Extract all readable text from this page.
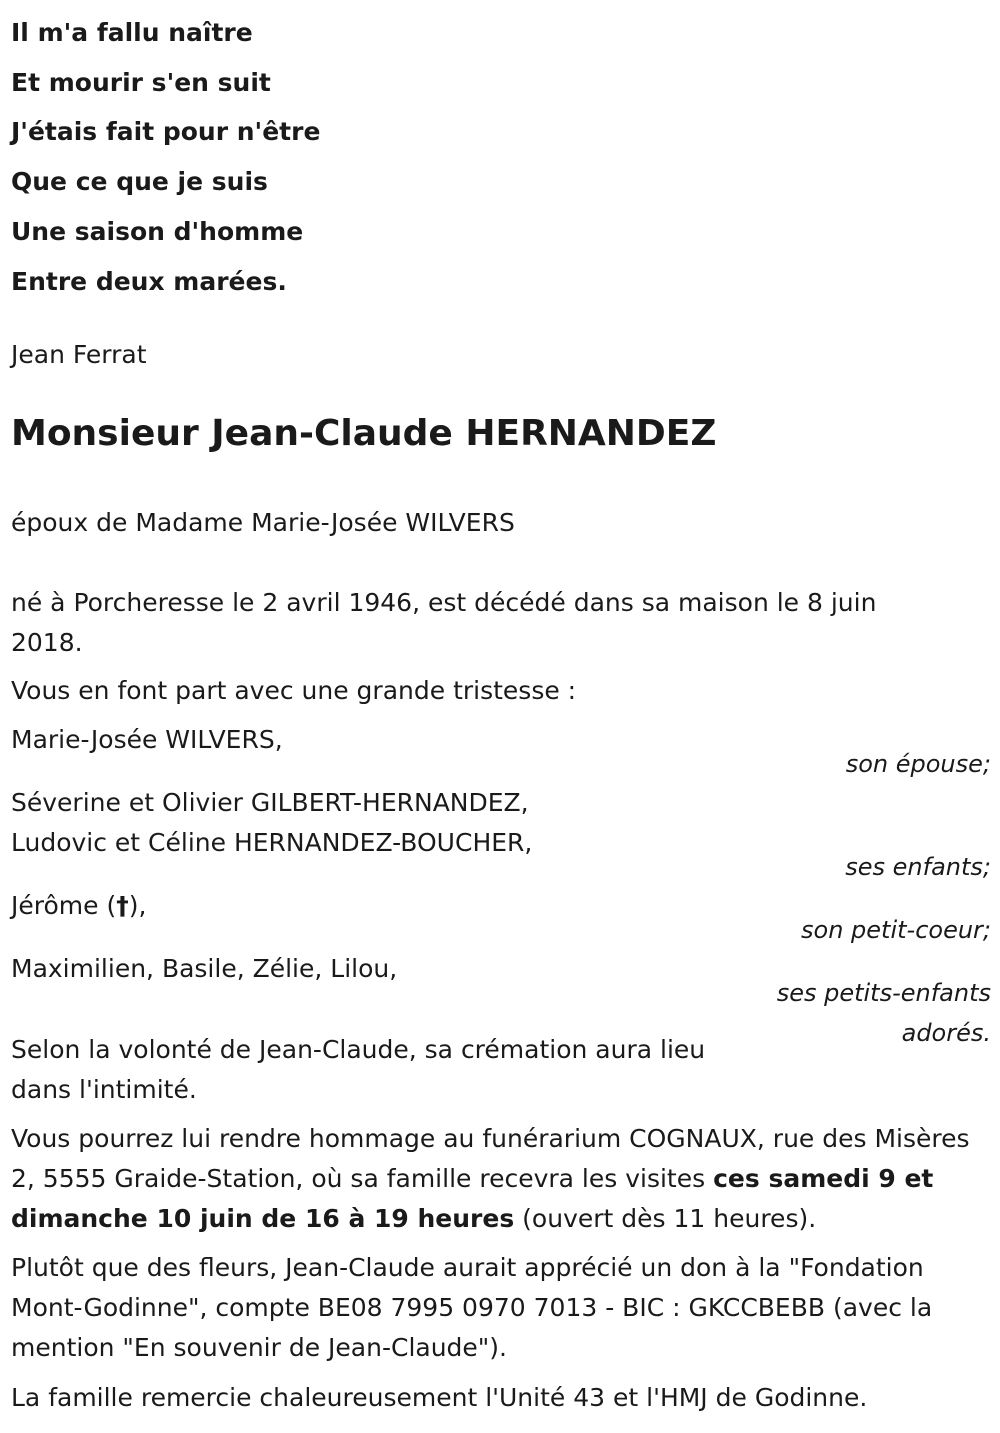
Il m'a fallu naître
Et mourir s'en suit
J'étais fait pour n'être
Que ce que je suis
Une saison d'homme
Entre deux marées.
Jean Ferrat
Monsieur Jean-Claude HERNANDEZ
époux de Madame Marie-Josée WILVERS
né à Porcheresse le 2 avril 1946, est décédé dans sa maison le 8 juin 2018.
Vous en font part avec une grande tristesse :
Marie-Josée WILVERS,
son épouse;
Séverine et Olivier GILBERT-HERNANDEZ,
Ludovic et Céline HERNANDEZ-BOUCHER,
ses enfants;
Jérôme (†),
son petit-coeur;
Maximilien, Basile, Zélie, Lilou,
ses petits-enfants
adorés.
Selon la volonté de Jean-Claude, sa crémation aura lieu dans l'intimité.
Vous pourrez lui rendre hommage au funérarium COGNAUX, rue des Misères 2, 5555 Graide-Station, où sa famille recevra les visites ces samedi 9 et dimanche 10 juin de 16 à 19 heures (ouvert dès 11 heures).
Plutôt que des fleurs, Jean-Claude aurait apprécié un don à la "Fondation Mont-Godinne", compte BE08 7995 0970 7013 - BIC : GKCCBEBB (avec la mention "En souvenir de Jean-Claude").
La famille remercie chaleureusement l'Unité 43 et l'HMJ de Godinne.
